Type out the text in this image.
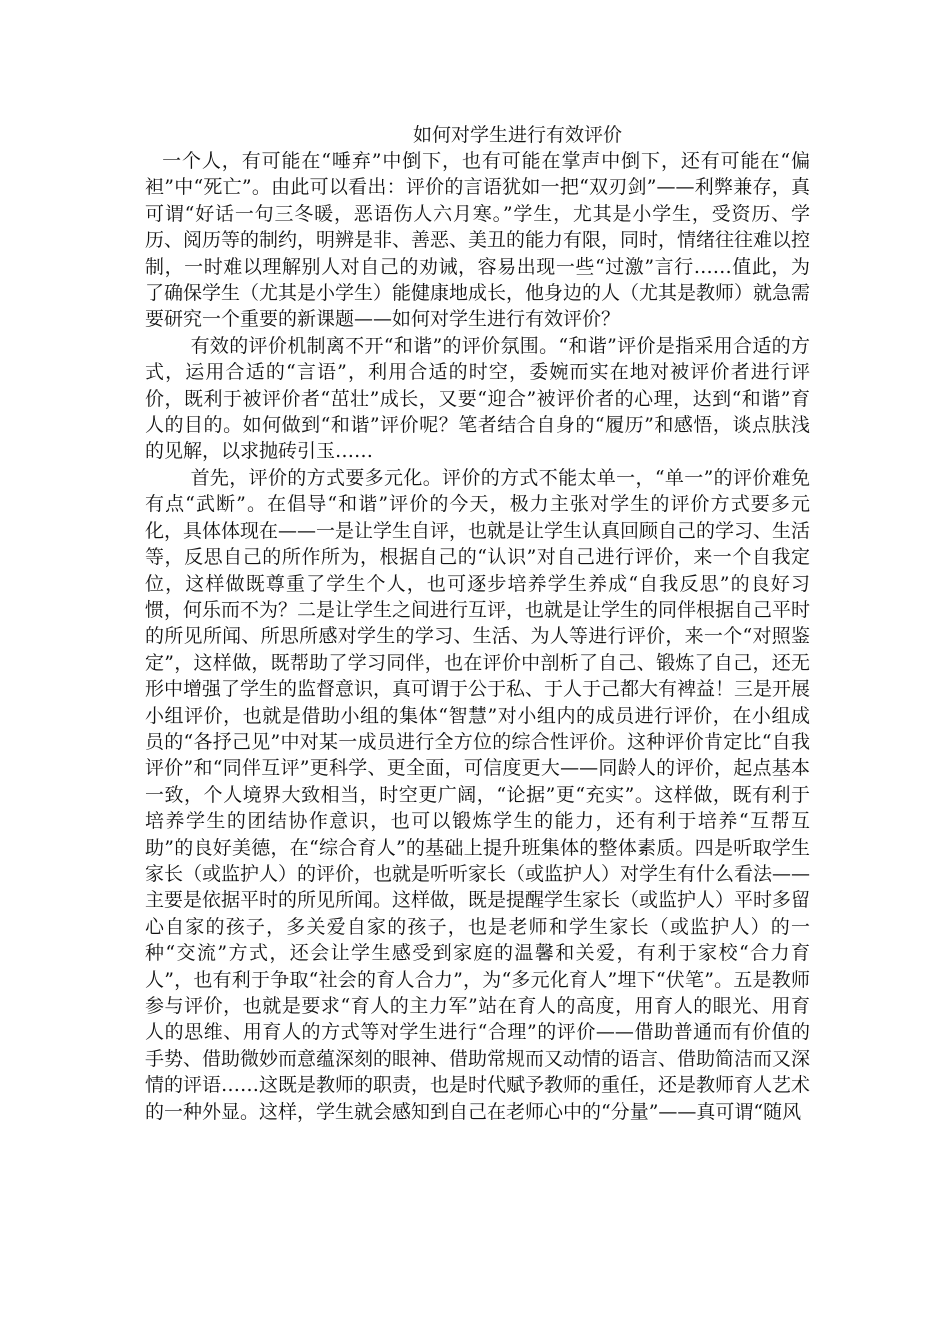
如何对学生进行有效评价

一个人，有可能在“唾弃”中倒下，也有可能在掌声中倒下，还有可能在“偏袒”中“死亡”。由此可以看出：评价的言语犹如一把“双刃剑”——利弊兼存，真可谓“好话一句三冬暖，恶语伤人六月寒。”学生，尤其是小学生，受资历、学历、阅历等的制约，明辨是非、善恶、美丑的能力有限，同时，情绪往往难以控制，一时难以理解别人对自己的劝诫，容易出现一些“过激”言行……值此，为了确保学生（尤其是小学生）能健康地成长，他身边的人（尤其是教师）就急需要研究一个重要的新课题——如何对学生进行有效评价？

有效的评价机制离不开“和谐”的评价氛围。“和谐”评价是指采用合适的方式，运用合适的“言语”，利用合适的时空，委婉而实在地对被评价者进行评价，既利于被评价者“茁壮”成长，又要“迎合”被评价者的心理，达到“和谐”育人的目的。如何做到“和谐”评价呢？笔者结合自身的“履历”和感悟，谈点肤浅的见解，以求抛砖引玉……

首先，评价的方式要多元化。评价的方式不能太单一，“单一”的评价难免有点“武断”。在倡导“和谐”评价的今天，极力主张对学生的评价方式要多元化，具体体现在——一是让学生自评，也就是让学生认真回顾自己的学习、生活等，反思自己的所作所为，根据自己的“认识”对自己进行评价，来一个自我定位，这样做既尊重了学生个人，也可逐步培养学生养成“自我反思”的良好习惯，何乐而不为？二是让学生之间进行互评，也就是让学生的同伴根据自己平时的所见所闻、所思所感对学生的学习、生活、为人等进行评价，来一个“对照鉴定”，这样做，既帮助了学习同伴，也在评价中剖析了自己、锻炼了自己，还无形中增强了学生的监督意识，真可谓于公于私、于人于己都大有裨益！三是开展小组评价，也就是借助小组的集体“智慧”对小组内的成员进行评价，在小组成员的“各抒己见”中对某一成员进行全方位的综合性评价。这种评价肯定比“自我评价”和“同伴互评”更科学、更全面，可信度更大——同龄人的评价，起点基本一致，个人境界大致相当，时空更广阔，“论据”更“充实”。这样做，既有利于培养学生的团结协作意识，也可以锻炼学生的能力，还有利于培养“互帮互助”的良好美德，在“综合育人”的基础上提升班集体的整体素质。四是听取学生家长（或监护人）的评价，也就是听听家长（或监护人）对学生有什么看法——主要是依据平时的所见所闻。这样做，既是提醒学生家长（或监护人）平时多留心自家的孩子，多关爱自家的孩子，也是老师和学生家长（或监护人）的一种“交流”方式，还会让学生感受到家庭的温馨和关爱，有利于家校“合力育人”，也有利于争取“社会的育人合力”，为“多元化育人”埋下“伏笔”。五是教师参与评价，也就是要求“育人的主力军”站在育人的高度，用育人的眼光、用育人的思维、用育人的方式等对学生进行“合理”的评价——借助普通而有价值的手势、借助微妙而意蕴深刻的眼神、借助常规而又动情的语言、借助简洁而又深情的评语……这既是教师的职责，也是时代赋予教师的重任，还是教师育人艺术的一种外显。这样，学生就会感知到自己在老师心中的“分量”——真可谓“随风
